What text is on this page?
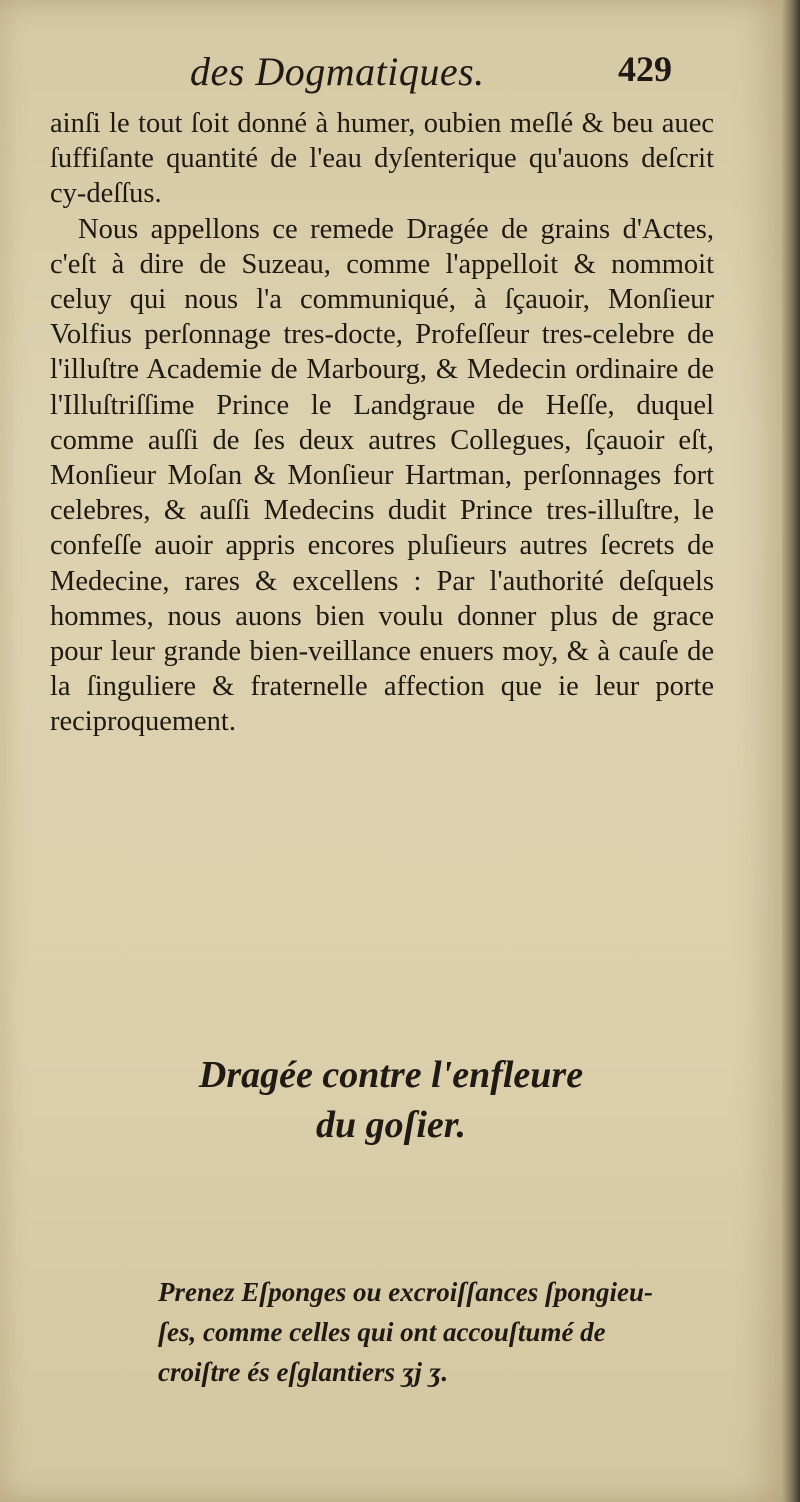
des Dogmatiques.	429

ainſi le tout ſoit donné à humer, oubien meſlé & beu auec ſuffiſante quantité de l'eau dyſenterique qu'auons deſcrit cy-deſſus.

Nous appellons ce remede Dragée de grains d'Actes, c'eſt à dire de Suzeau, comme l'appelloit & nommoit celuy qui nous l'a communiqué, à ſçauoir, Monſieur Volfius perſonnage tres-docte, Profeſſeur tres-celebre de l'illuſtre Academie de Marbourg, & Medecin ordinaire de l'Illuſtriſſime Prince le Landgraue de Heſſe, duquel comme auſſi de ſes deux autres Collegues, ſçauoir eſt, Monſieur Moſan & Monſieur Hartman, perſonnages fort celebres, & auſſi Medecins dudit Prince tres-illuſtre, le confeſſe auoir appris encores pluſieurs autres ſecrets de Medecine, rares & excellens : Par l'authorité deſquels hommes, nous auons bien voulu donner plus de grace pour leur grande bien-veillance enuers moy, & à cauſe de la ſinguliere & fraternelle affection que ie leur porte reciproquement.

Dragée contre l'enfleure
du goſier.
Prenez Eſponges ou excroiſſances ſpongieu-
ſes, comme celles qui ont accouſtumé de
croiſtre és eſglantiers ʒj ʒ.
